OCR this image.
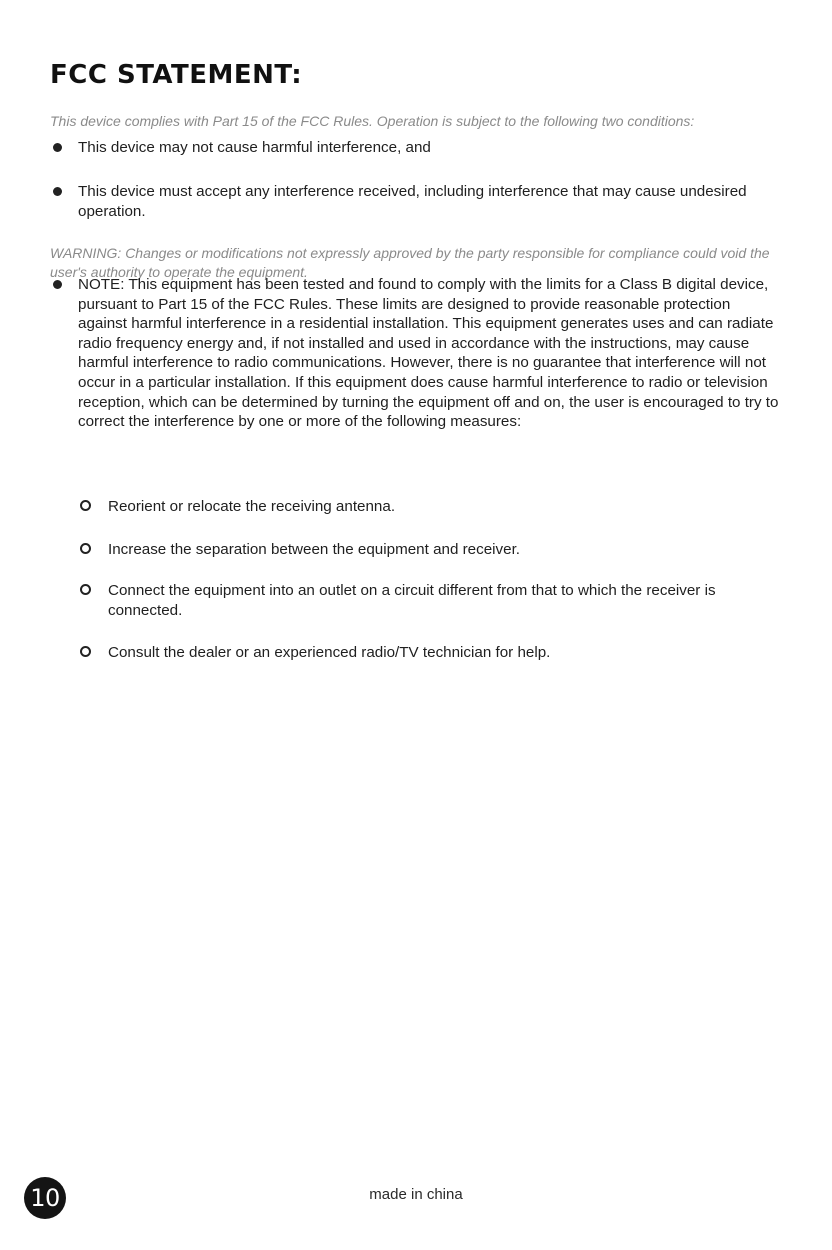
FCC STATEMENT:

This device complies with Part 15 of the FCC Rules. Operation is subject to the following two conditions:

This device may not cause harmful interference, and
This device must accept any interference received, including interference that may cause undesired operation.

WARNING: Changes or modifications not expressly approved by the party responsible for compliance could void the user's authority to operate the equipment.

NOTE: This equipment has been tested and found to comply with the limits for a Class B digital device, pursuant to Part 15 of the FCC Rules. These limits are designed to provide reasonable protection against harmful interference in a residential installation. This equipment generates uses and can radiate radio frequency energy and, if not installed and used in accordance with the instructions, may cause harmful interference to radio communications. However, there is no guarantee that interference will not occur in a particular installation. If this equipment does cause harmful interference to radio or television reception, which can be determined by turning the equipment off and on, the user is encouraged to try to correct the interference by one or more of the following measures:
Reorient or relocate the receiving antenna.
Increase the separation between the equipment and receiver.
Connect the equipment into an outlet on a circuit different from that to which the receiver is connected.
Consult the dealer or an experienced radio/TV technician for help.
10	made in china
